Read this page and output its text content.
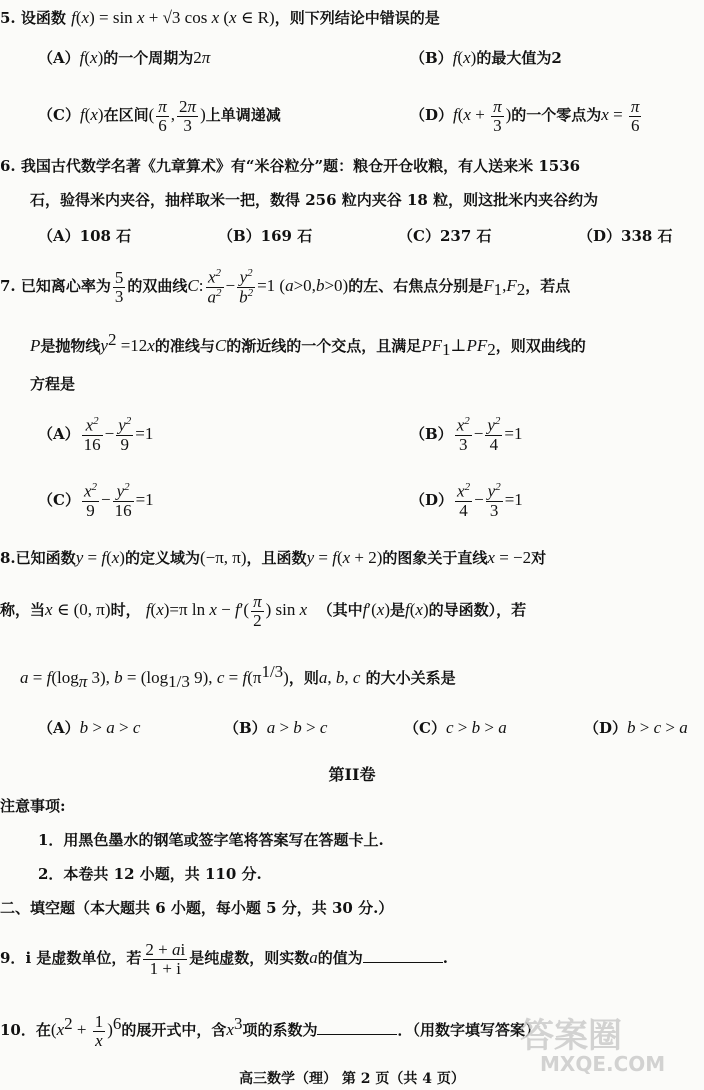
5. 设函数 f(x) = sin x + √3 cos x (x ∈ R)，则下列结论中错误的是
（A）f(x)的一个周期为2π	（B）f(x)的最大值为2
（C）f(x)在区间( $\frac{\pi}{6}$ , $\frac{2\pi}{3}$ )上单调递减	$(D)f(x + \frac{\pi}{3}$ )的一个零点为$x = \frac{\pi}{6}$
6. 我国古代数学名著《九章算术》有“米谷粒分”题：粮仓开仓收粮，有人送来米 1536
石，验得米内夹谷，抽样取米一把，数得 256 粒内夹谷 18 粒，则这批米内夹谷约为
（A）108 石	（B）169 石	（C）237 石	（D）338 石
7. 已知离心率为 $\frac{5}{3}$ 的双曲线C: $\frac{x^2}{a^2} - \frac{y^2}{b^2} =1$ (a>0,b>0)的左、右焦点分别是$F_1,F_2$，若点
P是抛物线$y^2 =12x$的准线与C的渐近线的一个交点，且满足$PF_1\perp PF_2$，则双曲线的
方程是
$(A) \frac{x^2}{16} - \frac{y^2}{9} =1$	$(B) \frac{x^2}{3} - \frac{y^2}{4} =1$
$(C) \frac{x^2}{9} - \frac{y^2}{16} =1$	$(D) \frac{x^2}{4} - \frac{y^2}{3} =1$
8.已知函数y = f(x)的定义域为(−π, π)，且函数y = f(x + 2)的图象关于直线x = −2对
称，当x ∈ (0, π)时， f(x)=π $\ln x - f'( \frac{\pi}{2}$ ) sin x （其中f′(x)是f(x)的导函数），若
$a = f(\log_\pi$ 3), $b = (\log_{1/3}$ 9), $c = f(\pi^{1/3})$，则a, b, c 的大小关系是
（A）b > a > c	（B）a > b > c	（C）c > b > a	（D）b > c > a
第II卷
注意事项:
1．用黑色墨水的钢笔或签字笔将答案写在答题卡上.
2．本卷共 12 小题，共 110 分.
二、填空题（本大题共 6 小题，每小题 5 分，共 30 分.）
9．i 是虚数单位，若 $\frac{2 + ai}{1 + i}$ 是纯虚数，则实数a的值为	.
10．在$(x^2 + \frac{1}{x} )^6$的展开式中，含$x^3$项的系数为	．（用数字填写答案）
高三数学（理） 第 2 页（共 4 页）
答案圈
MXQE.COM
